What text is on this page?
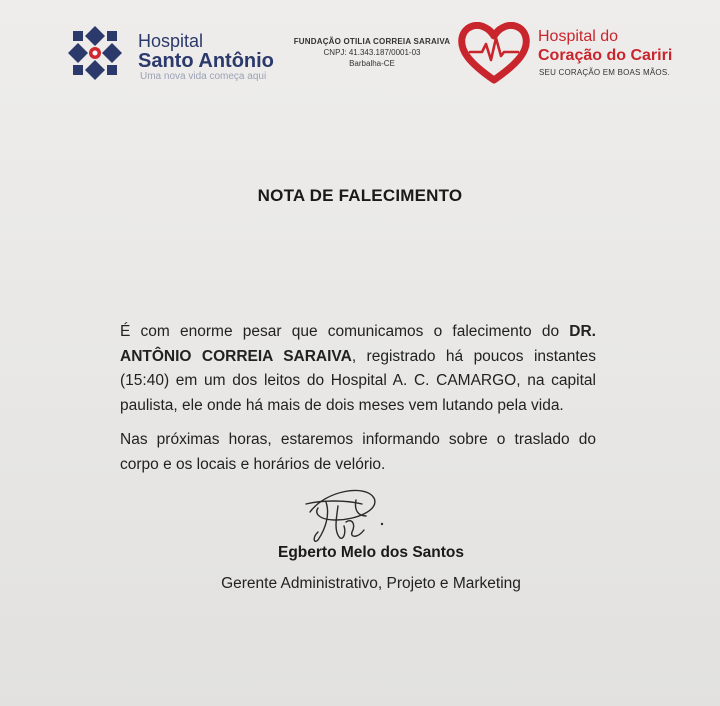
Hospital
Santo Antônio
Uma nova vida começa aqui
FUNDAÇÃO OTILIA CORREIA SARAIVA
CNPJ: 41.343.187/0001-03
Barbalha-CE
Hospital do
Coração do Cariri
SEU CORAÇÃO EM BOAS MÃOS.
NOTA DE FALECIMENTO

É com enorme pesar que comunicamos o falecimento do DR. ANTÔNIO CORREIA SARAIVA, registrado há poucos instantes (15:40) em um dos leitos do Hospital A. C. CAMARGO, na capital paulista, ele onde há mais de dois meses vem lutando pela vida.

Nas próximas horas, estaremos informando sobre o traslado do corpo e os locais e horários de velório.

Egberto Melo dos Santos
Gerente Administrativo, Projeto e Marketing
